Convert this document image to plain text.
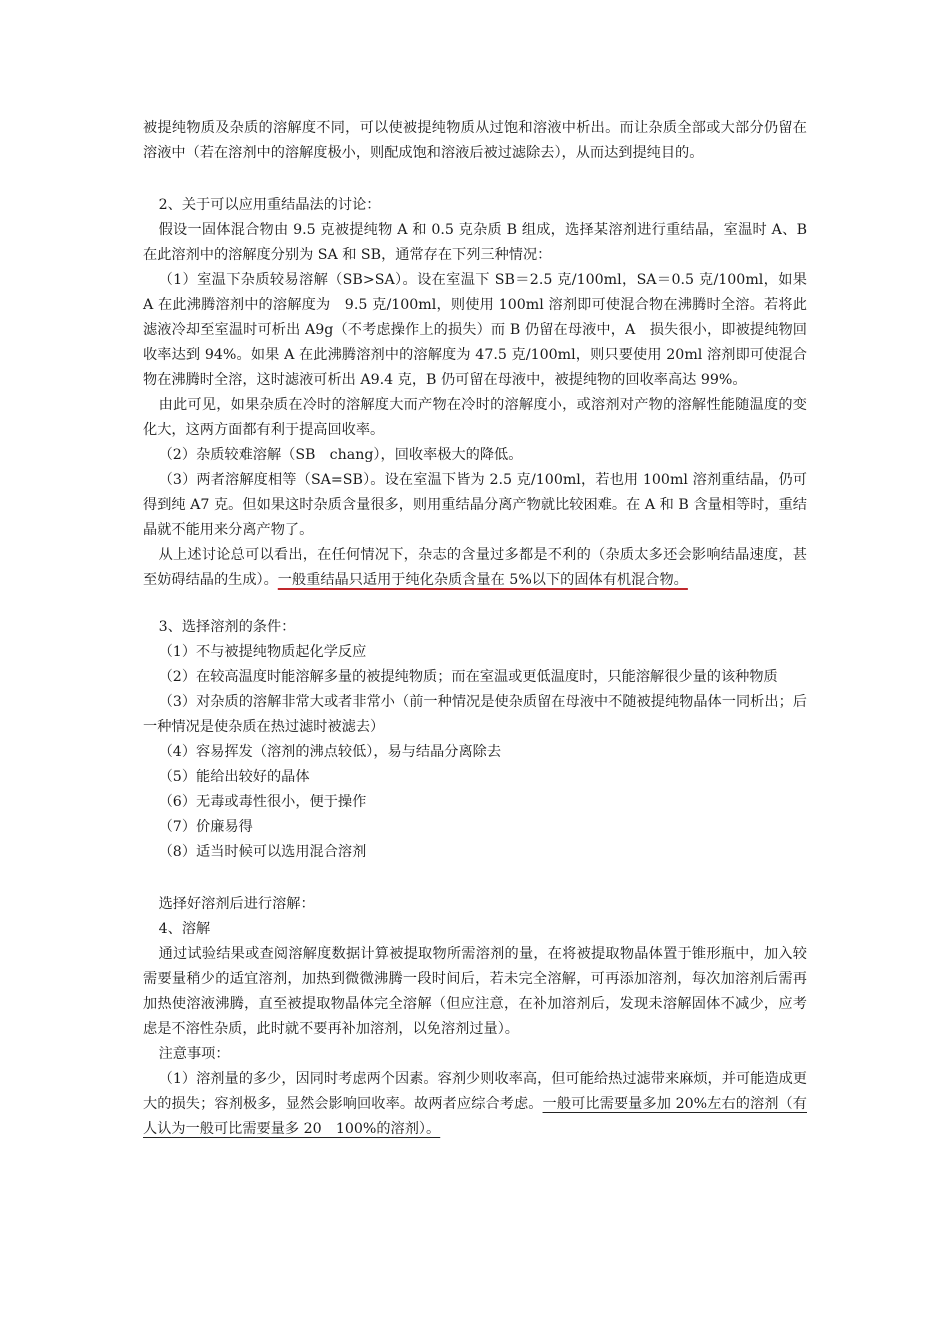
被提纯物质及杂质的溶解度不同，可以使被提纯物质从过饱和溶液中析出。而让杂质全部或大部分仍留在溶液中（若在溶剂中的溶解度极小，则配成饱和溶液后被过滤除去），从而达到提纯目的。

2、关于可以应用重结晶法的讨论：

假设一固体混合物由 9.5 克被提纯物 A 和 0.5 克杂质 B 组成，选择某溶剂进行重结晶，室温时 A、B 在此溶剂中的溶解度分别为 SA 和 SB，通常存在下列三种情况：

（1）室温下杂质较易溶解（SB>SA）。设在室温下 SB＝2.5 克/100ml，SA＝0.5 克/100ml，如果 A 在此沸腾溶剂中的溶解度为　9.5 克/100ml，则使用 100ml 溶剂即可使混合物在沸腾时全溶。若将此滤液冷却至室温时可析出 A9g（不考虑操作上的损失）而 B 仍留在母液中，A　损失很小，即被提纯物回收率达到 94%。如果 A 在此沸腾溶剂中的溶解度为 47.5 克/100ml，则只要使用 20ml 溶剂即可使混合物在沸腾时全溶，这时滤液可析出 A9.4 克，B 仍可留在母液中，被提纯物的回收率高达 99%。

由此可见，如果杂质在冷时的溶解度大而产物在冷时的溶解度小，或溶剂对产物的溶解性能随温度的变化大，这两方面都有利于提高回收率。

（2）杂质较难溶解（SB　chang），回收率极大的降低。

（3）两者溶解度相等（SA=SB）。设在室温下皆为 2.5 克/100ml，若也用 100ml 溶剂重结晶，仍可得到纯 A7 克。但如果这时杂质含量很多，则用重结晶分离产物就比较困难。在 A 和 B 含量相等时，重结晶就不能用来分离产物了。

从上述讨论总可以看出，在任何情况下，杂志的含量过多都是不利的（杂质太多还会影响结晶速度，甚至妨碍结晶的生成）。一般重结晶只适用于纯化杂质含量在 5%以下的固体有机混合物。

3、选择溶剂的条件：

（1）不与被提纯物质起化学反应

（2）在较高温度时能溶解多量的被提纯物质；而在室温或更低温度时，只能溶解很少量的该种物质

（3）对杂质的溶解非常大或者非常小（前一种情况是使杂质留在母液中不随被提纯物晶体一同析出；后一种情况是使杂质在热过滤时被滤去）

（4）容易挥发（溶剂的沸点较低），易与结晶分离除去

（5）能给出较好的晶体

（6）无毒或毒性很小，便于操作

（7）价廉易得

（8）适当时候可以选用混合溶剂

选择好溶剂后进行溶解：

4、溶解

通过试验结果或查阅溶解度数据计算被提取物所需溶剂的量，在将被提取物晶体置于锥形瓶中，加入较需要量稍少的适宜溶剂，加热到微微沸腾一段时间后，若未完全溶解，可再添加溶剂，每次加溶剂后需再加热使溶液沸腾，直至被提取物晶体完全溶解（但应注意，在补加溶剂后，发现未溶解固体不减少，应考虑是不溶性杂质，此时就不要再补加溶剂，以免溶剂过量）。

注意事项：

（1）溶剂量的多少，因同时考虑两个因素。容剂少则收率高，但可能给热过滤带来麻烦，并可能造成更大的损失；容剂极多，显然会影响回收率。故两者应综合考虑。一般可比需要量多加 20%左右的溶剂（有人认为一般可比需要量多 20　100%的溶剂）。
